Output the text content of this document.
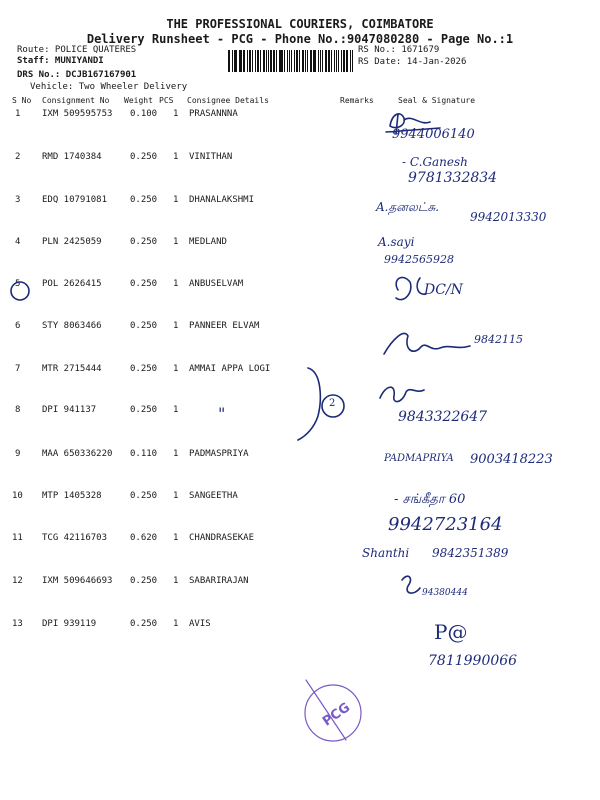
THE PROFESSIONAL COURIERS, COIMBATORE
Delivery Runsheet - PCG - Phone No.:9047080280 - Page No.:1
Route: POLICE QUATERES
Staff: MUNIYANDI
DRS No.: DCJB167167901
Vehicle: Two Wheeler Delivery
RS No.: 1671679
RS Date: 14-Jan-2026
S No Consignment No Weight PCS Consignee Details	Remarks	Seal & Signature
1 IXM 509595753 0.100 1 PRASANNNA
2 RMD 1740384	0.250 1 VINITHAN
3 EDQ 10791081	0.250 1 DHANALAKSHMI
4 PLN 2425059	0.250 1 MEDLAND
5 POL 2626415	0.250 1 ANBUSELVAM
6 STY 8063466	0.250 1 PANNEER ELVAM
7 MTR 2715444	0.250 1 AMMAI APPA LOGI
8 DPI 941137	0.250 1
9 MAA 650336220 0.110 1 PADMASPRIYA
10 MTP 1405328	0.250 1 SANGEETHA
11 TCG 42116703	0.620 1 CHANDRASEKAE
12 IXM 509646693 0.250 1 SABARIRAJAN
13 DPI 939119	0.250 1 AVIS
PCG
9944006140
- C.Ganesh
9781332834
A.தனலட்சு.
9942013330
A.sayi
9942565928
DC/N
9842115
"
2
9843322647
PADMAPRIYA 9003418223
- சங்கீதா 60
9942723164
Shanthi 9842351389
94380444
P@
7811990066
